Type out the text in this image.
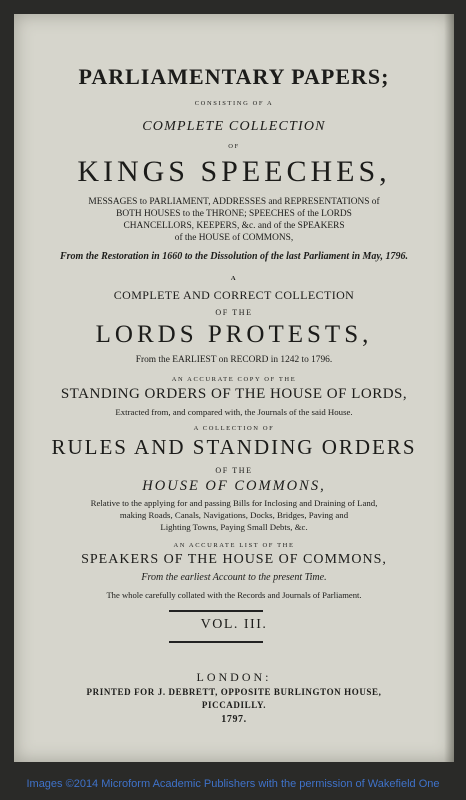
PARLIAMENTARY PAPERS;
CONSISTING OF A
COMPLETE COLLECTION
OF
KINGS SPEECHES,
MESSAGES to PARLIAMENT, ADDRESSES and REPRESENTATIONS of
BOTH HOUSES to the THRONE; SPEECHES of the LORDS
CHANCELLORS, KEEPERS, &c. and of the SPEAKERS
of the HOUSE of COMMONS,
From the Restoration in 1660 to the Dissolution of the last Parliament in May, 1796.
A
COMPLETE AND CORRECT COLLECTION
OF THE
LORDS PROTESTS,
From the EARLIEST on RECORD in 1242 to 1796.
AN ACCURATE COPY OF THE
STANDING ORDERS OF THE HOUSE OF LORDS,
Extracted from, and compared with, the Journals of the said House.
A COLLECTION OF
RULES AND STANDING ORDERS
OF THE
HOUSE OF COMMONS,
Relative to the applying for and passing Bills for Inclosing and Draining of Land,
making Roads, Canals, Navigations, Docks, Bridges, Paving and
Lighting Towns, Paying Small Debts, &c.
AN ACCURATE LIST OF THE
SPEAKERS OF THE HOUSE OF COMMONS,
From the earliest Account to the present Time.
The whole carefully collated with the Records and Journals of Parliament.
VOL. III.
LONDON:
PRINTED FOR J. DEBRETT, OPPOSITE BURLINGTON HOUSE,
PICCADILLY.
1797.
Images ©2014 Microform Academic Publishers with the permission of Wakefield One
